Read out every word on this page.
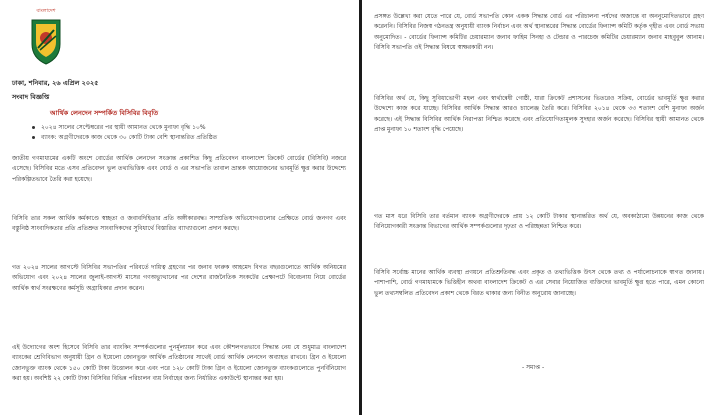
বাংলাদেশ
ঢাকা, শনিবার, ২৬ এপ্রিল ২০২৫
সংবাদ বিজ্ঞপ্তি
আর্থিক লেনদেন সম্পর্কিত বিসিবির বিবৃতি
২০২৪ সালের সেপ্টেম্বরের পর স্থায়ী আমানত থেকে মুনাফা বৃদ্ধি ১০%
ব্যাংক: অগ্রণীদেরকে কাজ থেকে ৩০ কোটি টাকা বেশি স্থানান্তরিত প্রতিষ্ঠিত
জাতীয় গণমাধ্যমের একটি অংশে বোর্ডের আর্থিক লেনদেন সংক্রান্ত প্রকাশিত কিছু প্রতিবেদন বাংলাদেশ ক্রিকেট বোর্ডের (বিসিবি) নজরে এসেছে। বিসিবির মতে এসব প্রতিবেদন ভুল তথ্যভিত্তিক এবং বোর্ড ও এর সভাপতি তাবাল ভ্রান্তক আয়োজনের ভাবমূর্তি ক্ষুণ্ণ করার উদ্দেশ্যে পরিকল্পিতভাবে তৈরি করা হয়েছে।
বিসিবি তার সকল আর্থিক কর্মকাণ্ডে স্বচ্ছতা ও জবাবদিহিতার প্রতি অঙ্গীকারবদ্ধ। সাম্প্রতিক অভিযোগগুলোর প্রেক্ষিতে বোর্ড জনগণ এবং বস্তুনিষ্ঠ সাংবাদিকতার প্রতি প্রতিশ্রুত সাংবাদিকদের সুবিধার্থে বিস্তারিত ব্যাখ্যাগুলো প্রদান করছে।
গত ২০২৪ সালের আগস্টে বিসিবির সভাপতির পরিবর্তে দায়িত্ব গ্রহণের পর জনাব ফারুক আহমেদ বিগত বছরগুলোতে আর্থিক অনিয়মের অভিযোগ এবং ২০২৪ সালের জুলাই-আগস্ট মাসের গণঅভ্যুত্থানের পর দেশের রাজনৈতিক সংকটের প্রেক্ষাপটে বিবেচনায় নিয়ে বোর্ডের আর্থিক স্বার্থ সংরক্ষণের কর্মসূচি অগ্রাধিকার প্রদান করেন।
এই উদ্যোগের অংশ হিসেবে বিসিবি তার ব্যাংকিং সম্পর্কগুলোর পুনর্মূল্যায়ন করে এবং কৌশলগতভাবে সিদ্ধান্ত নেয় যে শুধুমাত্র বাংলাদেশ ব্যাংকের শ্রেণিবিভাগ অনুযায়ী গ্রিন ও ইয়েলো জোনভুক্ত আর্থিক প্রতিষ্ঠানের সাথেই বোর্ড আর্থিক লেনদেন অব্যাহত রাখবে। গ্রিন ও ইয়েলো জোনভুক্ত ব্যাংক থেকে ১৫০ কোটি টাকা উত্তোলন করে এবং পরে ১২৮ কোটি টাকা গ্রিন ও ইয়েলো জোনভুক্ত ব্যাংকগুলোতে পুনর্বিনিয়োগ করা হয়। অবশিষ্ট ২২ কোটি টাকা বিসিবির বিভিন্ন পরিচালন ব্যয় নির্বাহের জন্য নির্ধারিত একাউন্টে স্থানান্তর করা হয়।
প্রসঙ্গত উল্লেখ্য করা যেতে পারে যে, বোর্ড সভাপতি কোন একক সিদ্ধান্ত বোর্ড এর পরিচালনা পর্ষদের অজান্তে বা অননুমোদিতভাবে গ্রহণ করেননি। বিসিবির নিজস্ব গঠনতন্ত্র অনুযায়ী ব্যাংক নির্বাচন এবং অর্থ স্থানান্তরের সিদ্ধান্ত বোর্ডের ফিন্যান্স কমিটি কর্তৃক গৃহীত এবং বোর্ড সভায় অনুমোদিত। - বোর্ডের ফিন্যান্স কমিটির চেয়ারম্যান জনাব ফাহিম সিনহা ও টেন্ডার ও পারচেজ কমিটির চেয়ারম্যান জনাব মাহবুবুল আনাম। বিসিবি সভাপতি ওই সিদ্ধান্ত বিষয়ে স্বাক্ষরকারী নন।
বিসিবির অর্থ যে, কিছু সুবিধাভোগী মহল এবং স্বার্থান্বেষী গোষ্ঠী, যারা ক্রিকেট প্রশাসনের ভিতরেও সক্রিয়, বোর্ডের ভাবমূর্তি ক্ষুণ্ণ করার উদ্দেশ্যে কাজ করে যাচ্ছে। বিসিবির আর্থিক সিদ্ধান্ত আরও চ্যালেঞ্জ তৈরি করে। বিসিবির ২০১৪ থেকে ৩৩ শতাংশ বেশি মুনাফা অর্জন করেছে। এই সিদ্ধান্ত বিসিবির আর্থিক নিরাপত্তা নিশ্চিত করেছে এবং প্রতিযোগিতামূলক সুদহার অর্জন করেছে। বিসিবির স্থায়ী আমানত থেকে প্রাপ্ত মুনাফা ১০ শতাংশ বৃদ্ধি পেয়েছে।
গত মাস ধরে বিসিবি তার বর্তমান ব্যাংক অগ্রণীদেরকে প্রায় ১২ কোটি টাকার স্থানান্তরিত অর্থ যে, অবকাঠামো উন্নয়নের কাজ থেকে বিনিয়োগকারী সংক্রান্ত বিভাগের আর্থিক সম্পর্কগুলোর দৃঢ়তা ও পরিচ্ছন্নতা নিশ্চিত করে।
বিসিবি সর্বোচ্চ মানের আর্থিক ব্যবস্থা প্রণয়নে প্রতিশ্রুতিবদ্ধ এবং প্রকৃত ও তথ্যভিত্তিক উৎস থেকে তথ্য ও পর্যালোচনাকে স্বাগত জানায়। পাশাপাশি, বোর্ড গণমাধ্যমকে ভিত্তিহীন অথবা বাংলাদেশ ক্রিকেট ও এর সেবার নিয়োজিত ব্যক্তিদের ভাবমূর্তি ক্ষুণ্ণ হতে পারে, এমন কোনো ভুল তথ্যসম্বলিত প্রতিবেদন প্রকাশ থেকে বিরত থাকার জন্য বিনীত অনুরোধ জানাচ্ছে।
- সমাপ্ত -
